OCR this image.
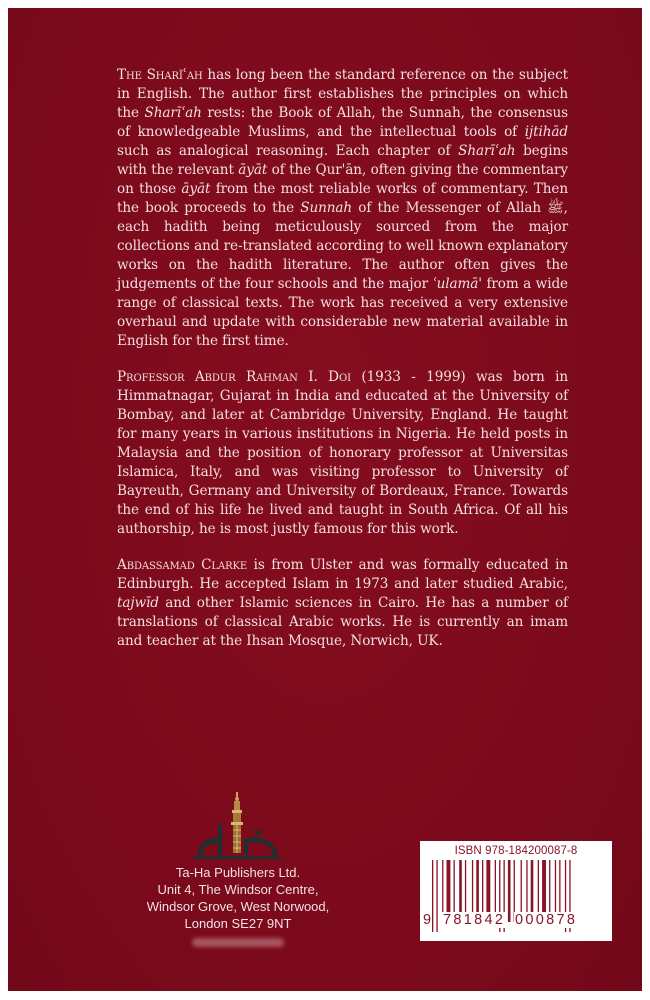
The Sharīʿah has long been the standard reference on the subject in English. The author first establishes the principles on which the Sharīʿah rests: the Book of Allah, the Sunnah, the consensus of knowledgeable Muslims, and the intellectual tools of ijtihād such as analogical reasoning. Each chapter of Sharīʿah begins with the relevant āyāt of the Qur'ān, often giving the commentary on those āyāt from the most reliable works of commentary. Then the book proceeds to the Sunnah of the Messenger of Allah ﷺ, each hadith being meticulously sourced from the major collections and re-translated according to well known explanatory works on the hadith literature. The author often gives the judgements of the four schools and the major ʿulamā' from a wide range of classical texts. The work has received a very extensive overhaul and update with considerable new material available in English for the first time.

Professor Abdur Rahman I. Doi (1933 - 1999) was born in Himmatnagar, Gujarat in India and educated at the University of Bombay, and later at Cambridge University, England. He taught for many years in various institutions in Nigeria. He held posts in Malaysia and the position of honorary professor at Universitas Islamica, Italy, and was visiting professor to University of Bayreuth, Germany and University of Bordeaux, France. Towards the end of his life he lived and taught in South Africa. Of all his authorship, he is most justly famous for this work.

Abdassamad Clarke is from Ulster and was formally educated in Edinburgh. He accepted Islam in 1973 and later studied Arabic, tajwīd and other Islamic sciences in Cairo. He has a number of translations of classical Arabic works. He is currently an imam and teacher at the Ihsan Mosque, Norwich, UK.

Ta-Ha Publishers Ltd.
Unit 4, The Windsor Centre,
Windsor Grove, West Norwood,
London SE27 9NT
ISBN 978-184200087-8
9 781842 000878
